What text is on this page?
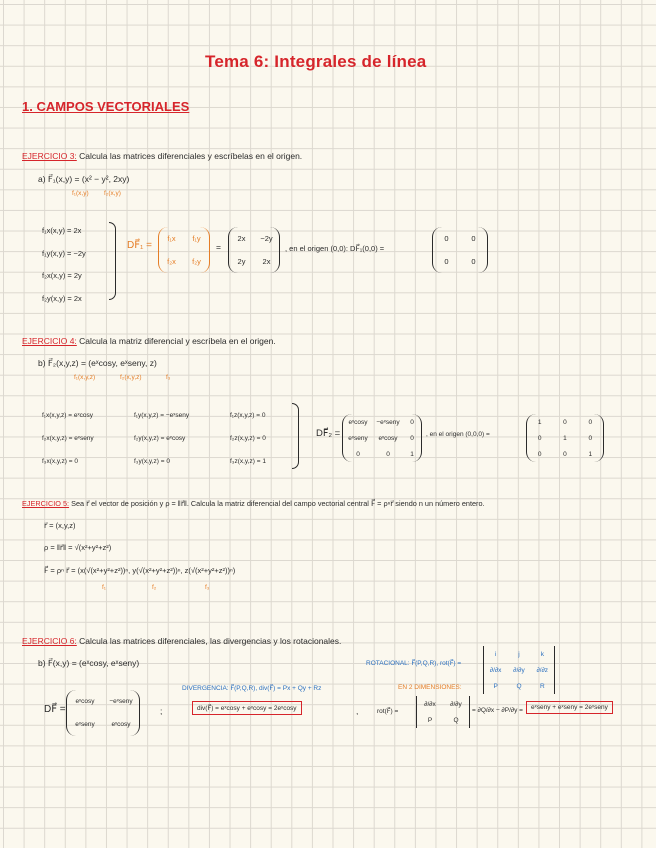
Tema 6: Integrales de línea
1. CAMPOS VECTORIALES
EJERCICIO 3: Calcula las matrices diferenciales y escríbelas en el origen.
a) F⃗₁(x,y) = (x² − y², 2xy)
f₁(x,y) f₂(x,y)
f₁x(x,y) = 2x
f₁y(x,y) = −2y
f₂x(x,y) = 2y
f₂y(x,y) = 2x
DF⃗₁ =
f₁x f₁y
f₂x f₂y
=
2x −2y
2y 2x
, en el origen (0,0): DF⃗₁(0,0) =
0	0
0	0
EJERCICIO 4: Calcula la matriz diferencial y escríbela en el origen.
b) F⃗₂(x,y,z) = (eˣcosy, eˣseny, z)
f₁(x,y,z)	f₂(x,y,z)	f₃
f₁x(x,y,z) = eˣcosy	f₁y(x,y,z) = −eˣseny	f₁z(x,y,z) = 0
f₂x(x,y,z) = eˣseny	f₂y(x,y,z) = eˣcosy	f₂z(x,y,z) = 0
f₃x(x,y,z) = 0	f₃y(x,y,z) = 0	f₃z(x,y,z) = 1
DF⃗₂ =
eˣcosy −eˣseny 0
eˣseny eˣcosy 0
0	0	1
, en el origen (0,0,0) =
1	0	0
0	1	0
0	0	1
EJERCICIO 5: Sea r⃗ el vector de posición y ρ = ‖r⃗‖. Calcula la matriz diferencial del campo vectorial central F⃗ = ρⁿr⃗ siendo n un número entero.
r⃗ = (x,y,z)
ρ = ‖r⃗‖ = √(x²+y²+z²)
F⃗ = ρⁿ r⃗ = (x(√(x²+y²+z²))ⁿ, y(√(x²+y²+z²))ⁿ, z(√(x²+y²+z²))ⁿ)
f₁	f₂	f₃
EJERCICIO 6: Calcula las matrices diferenciales, las divergencias y los rotacionales.
b) F⃗(x,y) = (eˣcosy, eˣseny)	ROTACIONAL: F⃗(P,Q,R), rot(F⃗) =
i	j	k
∂/∂x ∂/∂y ∂/∂z
P	Q	R
DIVERGENCIA: F⃗(P,Q,R), div(F⃗) = Px + Qy + Rz	EN 2 DIMENSIONES:
DF⃗ =
eˣcosy −eˣseny
eˣseny	eˣcosy
;	div(F⃗) = eˣcosy + eˣcosy = 2eˣcosy	,	rot(F⃗) =
∂/∂x ∂/∂y
P	Q
= ∂Q/∂x − ∂P/∂y =	eˣseny + eˣseny = 2eˣseny
